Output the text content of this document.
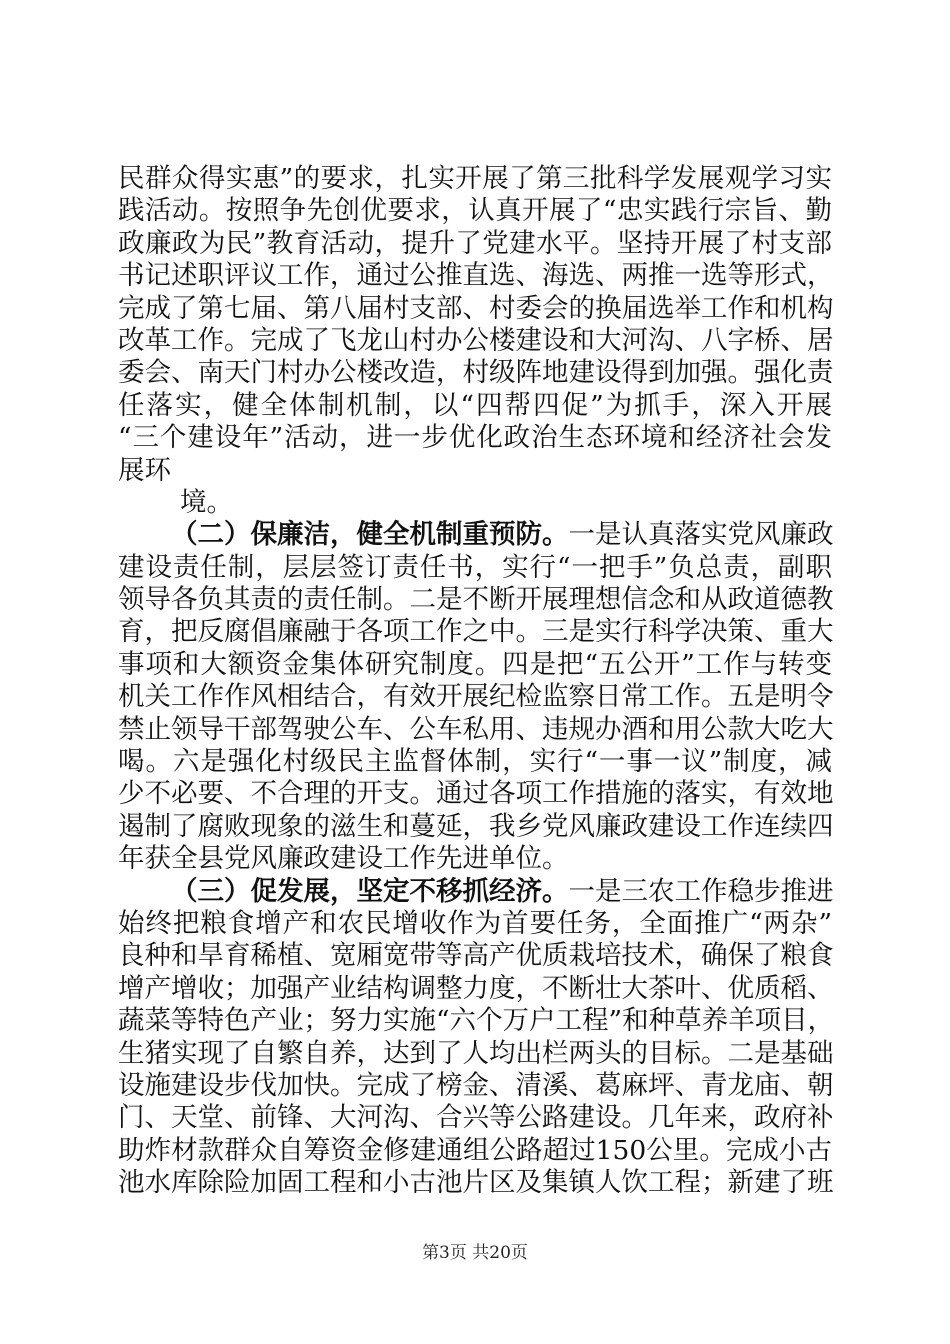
民群众得实惠”的要求，扎实开展了第三批科学发展观学习实
践活动。按照争先创优要求，认真开展了“忠实践行宗旨、勤
政廉政为民”教育活动，提升了党建水平。坚持开展了村支部
书记述职评议工作，通过公推直选、海选、两推一选等形式，
完成了第七届、第八届村支部、村委会的换届选举工作和机构
改革工作。完成了飞龙山村办公楼建设和大河沟、八字桥、居
委会、南天门村办公楼改造，村级阵地建设得到加强。强化责
任落实，健全体制机制，以“四帮四促”为抓手，深入开展
“三个建设年”活动，进一步优化政治生态环境和经济社会发
展环
境。
（二）保廉洁，健全机制重预防。一是认真落实党风廉政
建设责任制，层层签订责任书，实行“一把手”负总责，副职
领导各负其责的责任制。二是不断开展理想信念和从政道德教
育，把反腐倡廉融于各项工作之中。三是实行科学决策、重大
事项和大额资金集体研究制度。四是把“五公开”工作与转变
机关工作作风相结合，有效开展纪检监察日常工作。五是明令
禁止领导干部驾驶公车、公车私用、违规办酒和用公款大吃大
喝。六是强化村级民主监督体制，实行“一事一议”制度，减
少不必要、不合理的开支。通过各项工作措施的落实，有效地
遏制了腐败现象的滋生和蔓延，我乡党风廉政建设工作连续四
年获全县党风廉政建设工作先进单位。
（三）促发展，坚定不移抓经济。一是三农工作稳步推进
始终把粮食增产和农民增收作为首要任务，全面推广“两杂”
良种和旱育稀植、宽厢宽带等高产优质栽培技术，确保了粮食
增产增收；加强产业结构调整力度，不断壮大茶叶、优质稻、
蔬菜等特色产业；努力实施“六个万户工程”和种草养羊项目，
生猪实现了自繁自养，达到了人均出栏两头的目标。二是基础
设施建设步伐加快。完成了榜金、清溪、葛麻坪、青龙庙、朝
门、天堂、前锋、大河沟、合兴等公路建设。几年来，政府补
助炸材款群众自筹资金修建通组公路超过150公里。完成小古
池水库除险加固工程和小古池片区及集镇人饮工程；新建了班
第3页 共20页
